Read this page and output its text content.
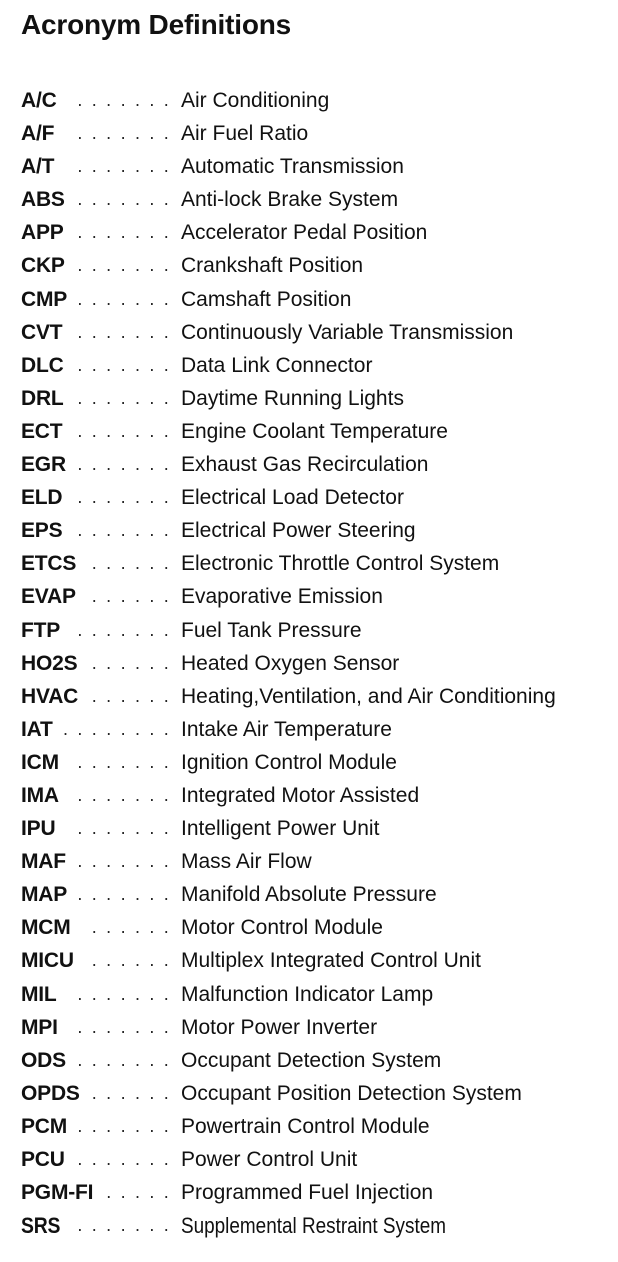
Acronym Definitions
A/C . . . . . . . Air Conditioning
A/F . . . . . . . Air Fuel Ratio
A/T . . . . . . . Automatic Transmission
ABS . . . . . . . Anti-lock Brake System
APP . . . . . . . Accelerator Pedal Position
CKP . . . . . . . Crankshaft Position
CMP . . . . . . . Camshaft Position
CVT . . . . . . . Continuously Variable Transmission
DLC . . . . . . . Data Link Connector
DRL . . . . . . . Daytime Running Lights
ECT . . . . . . . Engine Coolant Temperature
EGR . . . . . . . Exhaust Gas Recirculation
ELD . . . . . . . Electrical Load Detector
EPS . . . . . . . Electrical Power Steering
ETCS . . . . . . Electronic Throttle Control System
EVAP . . . . . . Evaporative Emission
FTP . . . . . . . Fuel Tank Pressure
HO2S . . . . . . Heated Oxygen Sensor
HVAC . . . . . . Heating,Ventilation, and Air Conditioning
IAT . . . . . . . . Intake Air Temperature
ICM . . . . . . . Ignition Control Module
IMA . . . . . . . Integrated Motor Assisted
IPU . . . . . . . Intelligent Power Unit
MAF . . . . . . . Mass Air Flow
MAP . . . . . . . Manifold Absolute Pressure
MCM . . . . . . Motor Control Module
MICU . . . . . . Multiplex Integrated Control Unit
MIL . . . . . . . Malfunction Indicator Lamp
MPI . . . . . . . Motor Power Inverter
ODS . . . . . . . Occupant Detection System
OPDS . . . . . . Occupant Position Detection System
PCM . . . . . . . Powertrain Control Module
PCU . . . . . . . Power Control Unit
PGM-FI . . . . . Programmed Fuel Injection
SRS . . . . . . . Supplemental Restraint System
